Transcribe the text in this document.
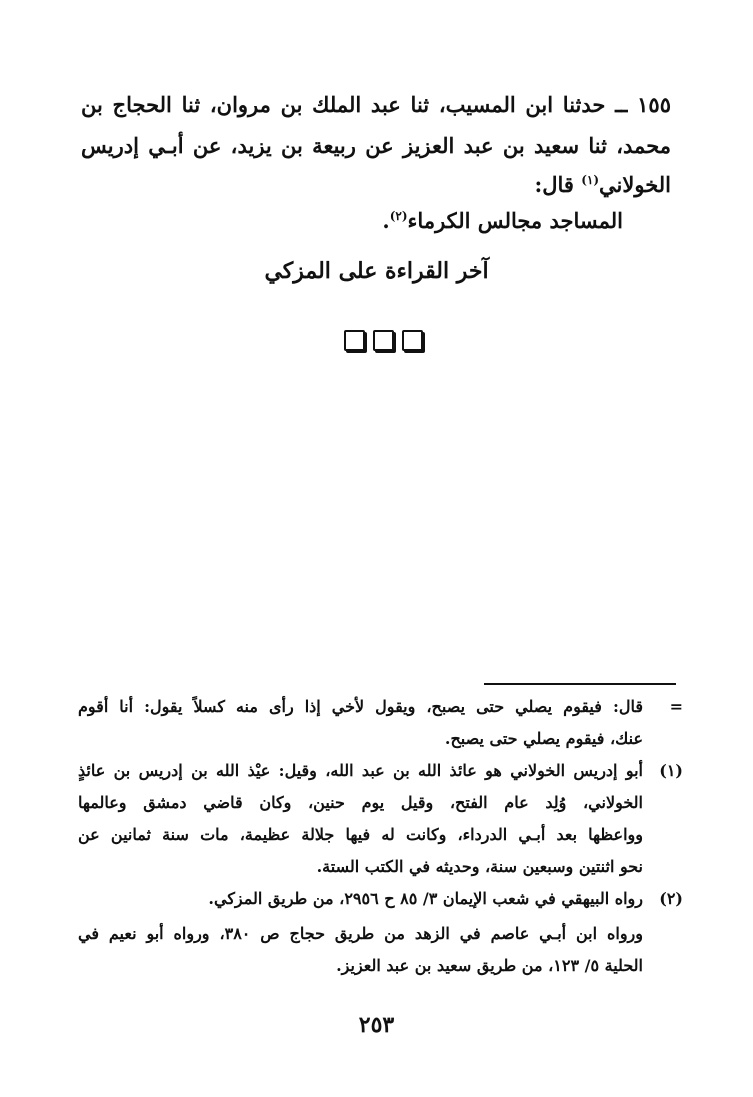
١٥٥ ــ حدثنا ابن المسيب، ثنا عبد الملك بن مروان، ثنا الحجاج بن
محمد، ثنا سعيد بن عبد العزيز عن ربيعة بن يزيد، عن أبـي إدريس
الخولاني$^{(١)}$ قال:
المساجد مجالس الكرماء$^{(٢)}$.
آخر القراءة على المزكي
=
قال: فيقوم يصلي حتى يصبح، ويقول لأخي إذا رأى منه كسلاً يقول: أنا أقوم
عنك، فيقوم يصلي حتى يصبح.
(١)
أبو إدريس الخولاني هو عائذ الله بن عبد الله، وقيل: عيْذ الله بن إدريس بن عائذٍ
الخولاني، وُلِد عام الفتح، وقيل يوم حنين، وكان قاضي دمشق وعالمها
وواعظها بعد أبـي الدرداء، وكانت له فيها جلالة عظيمة، مات سنة ثمانين عن
نحو اثنتين وسبعين سنة، وحديثه في الكتب الستة.
(٢)
رواه البيهقي في شعب الإيمان ٣/ ٨٥ ح ٢٩٥٦، من طريق المزكي.
ورواه ابن أبـي عاصم في الزهد من طريق حجاج ص ٣٨٠، ورواه أبو نعيم في
الحلية ٥/ ١٢٣، من طريق سعيد بن عبد العزيز.
٢٥٣
